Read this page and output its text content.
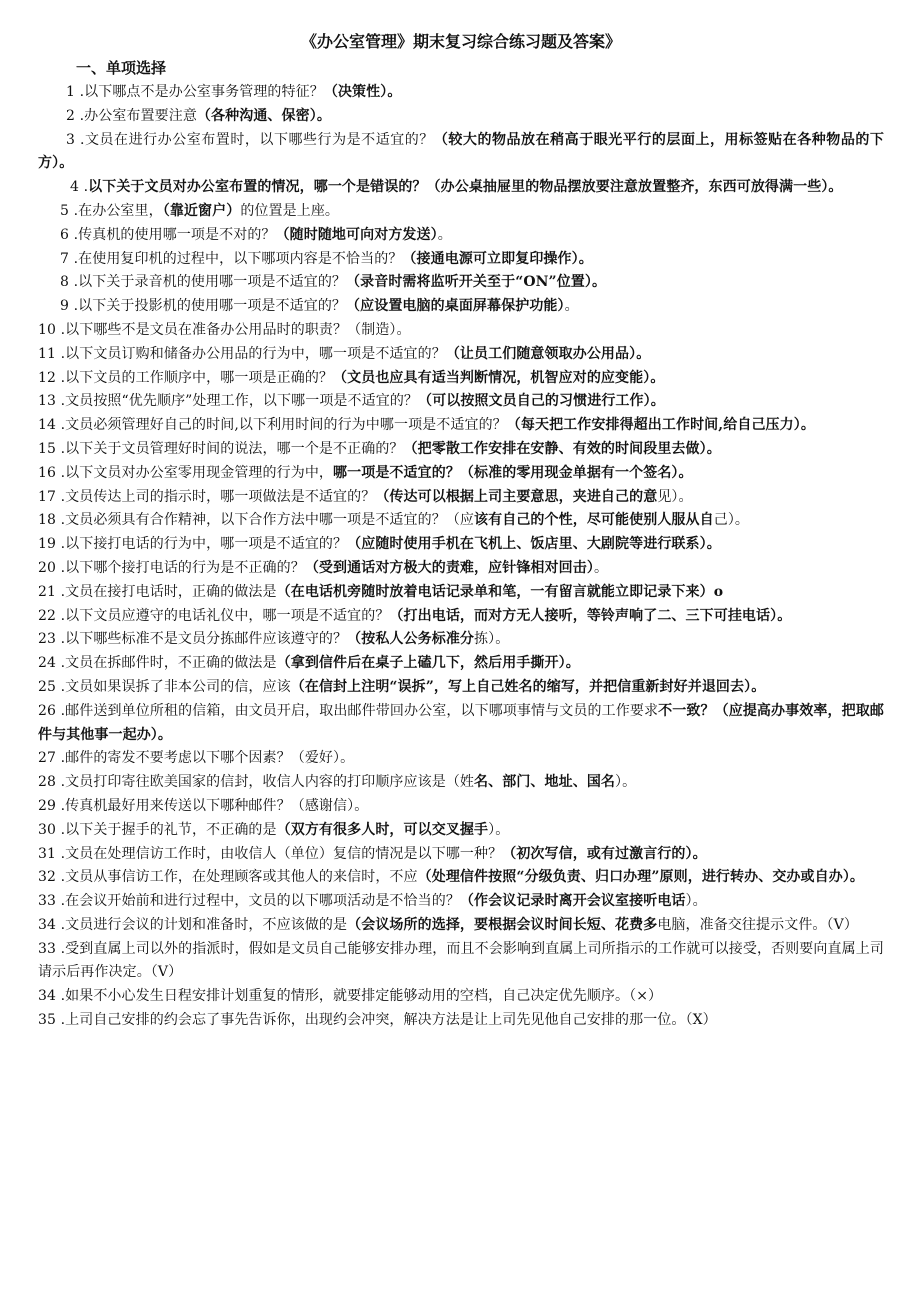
《办公室管理》期末复习综合练习题及答案》
一、单项选择

1 .以下哪点不是办公室事务管理的特征？（决策性）。

2 .办公室布置要注意（各种沟通、保密）。

3 .文员在进行办公室布置时，以下哪些行为是不适宜的？（较大的物品放在稍高于眼光平行的层面上，用标签贴在各种物品的下方）。

4 .以下关于文员对办公室布置的情况，哪一个是错误的？（办公桌抽屉里的物品摆放要注意放置整齐，东西可放得满一些）。

5 .在办公室里，（靠近窗户）的位置是上座。

6 .传真机的使用哪一项是不对的？（随时随地可向对方发送）。

7 .在使用复印机的过程中，以下哪项内容是不恰当的？（接通电源可立即复印操作）。

8 .以下关于录音机的使用哪一项是不适宜的？（录音时需将监听开关至于“ON”位置）。

9 .以下关于投影机的使用哪一项是不适宜的？（应设置电脑的桌面屏幕保护功能）。

10 .以下哪些不是文员在准备办公用品时的职责？（制造）。

11 .以下文员订购和储备办公用品的行为中，哪一项是不适宜的？（让员工们随意领取办公用品）。

12 .以下文员的工作顺序中，哪一项是正确的？（文员也应具有适当判断情况，机智应对的应变能）。

13 .文员按照“优先顺序”处理工作，以下哪一项是不适宜的？（可以按照文员自己的习惯进行工作）。

14 .文员必须管理好自己的时间,以下利用时间的行为中哪一项是不适宜的？（每天把工作安排得超出工作时间,给自己压力）。

15 .以下关于文员管理好时间的说法，哪一个是不正确的？（把零散工作安排在安静、有效的时间段里去做）。

16 .以下文员对办公室零用现金管理的行为中，哪一项是不适宜的？（标准的零用现金单据有一个签名）。

17 .文员传达上司的指示时，哪一项做法是不适宜的？（传达可以根据上司主要意思，夹进自己的意见）。

18 .文员必须具有合作精神，以下合作方法中哪一项是不适宜的？（应该有自己的个性，尽可能使别人服从自己）。

19 .以下接打电话的行为中，哪一项是不适宜的？（应随时使用手机在飞机上、饭店里、大剧院等进行联系）。

20 .以下哪个接打电话的行为是不正确的？（受到通话对方极大的责难，应针锋相对回击）。

21 .文员在接打电话时，正确的做法是（在电话机旁随时放着电话记录单和笔，一有留言就能立即记录下来）o

22 .以下文员应遵守的电话礼仪中，哪一项是不适宜的？（打出电话，而对方无人接听，等铃声响了二、三下可挂电话）。

23 .以下哪些标准不是文员分拣邮件应该遵守的？（按私人公务标准分拣）。

24 .文员在拆邮件时，不正确的做法是（拿到信件后在桌子上磕几下，然后用手撕开）。

25 .文员如果误拆了非本公司的信，应该（在信封上注明“误拆”，写上自己姓名的缩写，并把信重新封好并退回去）。

26 .邮件送到单位所租的信箱，由文员开启，取出邮件带回办公室，以下哪项事情与文员的工作要求不一致？（应提高办事效率，把取邮件与其他事一起办）。

27 .邮件的寄发不要考虑以下哪个因素？（爱好）。

28 .文员打印寄往欧美国家的信封，收信人内容的打印顺序应该是（姓名、部门、地址、国名）。

29 .传真机最好用来传送以下哪种邮件？（感谢信）。

30 .以下关于握手的礼节，不正确的是（双方有很多人时，可以交叉握手）。

31 .文员在处理信访工作时，由收信人（单位）复信的情况是以下哪一种？（初次写信，或有过激言行的）。

32 .文员从事信访工作，在处理顾客或其他人的来信时，不应（处理信件按照“分级负责、归口办理”原则，进行转办、交办或自办）。

33 .在会议开始前和进行过程中，文员的以下哪项活动是不恰当的？（作会议记录时离开会议室接听电话）。

34 .文员进行会议的计划和准备时，不应该做的是（会议场所的选择，要根据会议时间长短、花费多电脑，准备交往提示文件。（V）

33 .受到直属上司以外的指派时，假如是文员自己能够安排办理，而且不会影响到直属上司所指示的工作就可以接受，否则要向直属上司请示后再作决定。（V）

34 .如果不小心发生日程安排计划重复的情形，就要排定能够动用的空档，自己决定优先顺序。（×）

35 .上司自己安排的约会忘了事先告诉你，出现约会冲突，解决方法是让上司先见他自己安排的那一位。（X）
